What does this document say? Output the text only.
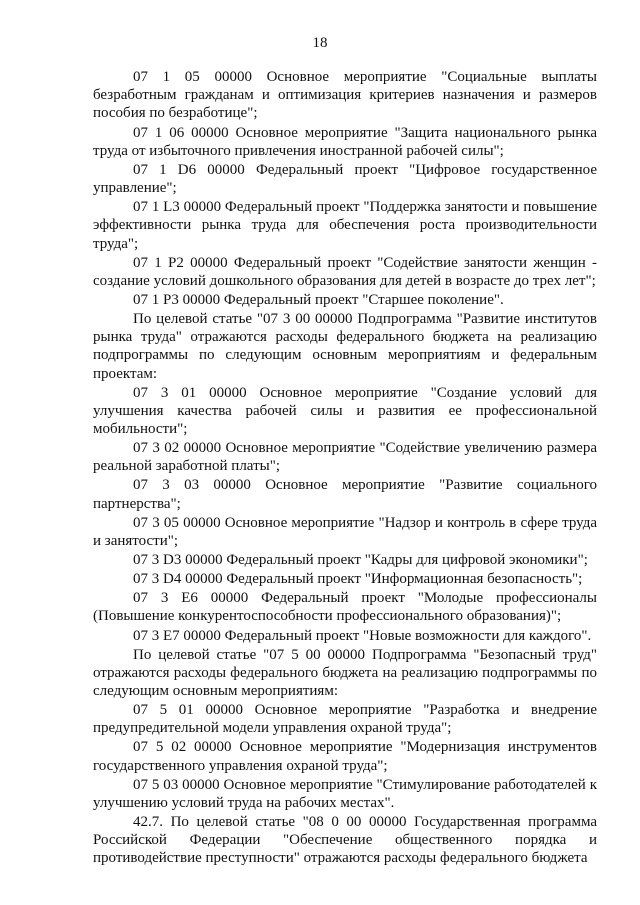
18

07 1 05 00000 Основное мероприятие "Социальные выплаты безработным гражданам и оптимизация критериев назначения и размеров пособия по безработице";

07 1 06 00000 Основное мероприятие "Защита национального рынка труда от избыточного привлечения иностранной рабочей силы";

07 1 D6 00000 Федеральный проект "Цифровое государственное управление";

07 1 L3 00000 Федеральный проект "Поддержка занятости и повышение эффективности рынка труда для обеспечения роста производительности труда";

07 1 P2 00000 Федеральный проект "Содействие занятости женщин - создание условий дошкольного образования для детей в возрасте до трех лет";

07 1 P3 00000 Федеральный проект "Старшее поколение".

По целевой статье "07 3 00 00000 Подпрограмма "Развитие институтов рынка труда" отражаются расходы федерального бюджета на реализацию подпрограммы по следующим основным мероприятиям и федеральным проектам:

07 3 01 00000 Основное мероприятие "Создание условий для улучшения качества рабочей силы и развития ее профессиональной мобильности";

07 3 02 00000 Основное мероприятие "Содействие увеличению размера реальной заработной платы";

07 3 03 00000 Основное мероприятие "Развитие социального партнерства";

07 3 05 00000 Основное мероприятие "Надзор и контроль в сфере труда и занятости";

07 3 D3 00000 Федеральный проект "Кадры для цифровой экономики";

07 3 D4 00000 Федеральный проект "Информационная безопасность";

07 3 E6 00000 Федеральный проект "Молодые профессионалы (Повышение конкурентоспособности профессионального образования)";

07 3 E7 00000 Федеральный проект "Новые возможности для каждого".

По целевой статье "07 5 00 00000 Подпрограмма "Безопасный труд" отражаются расходы федерального бюджета на реализацию подпрограммы по следующим основным мероприятиям:

07 5 01 00000 Основное мероприятие "Разработка и внедрение предупредительной модели управления охраной труда";

07 5 02 00000 Основное мероприятие "Модернизация инструментов государственного управления охраной труда";

07 5 03 00000 Основное мероприятие "Стимулирование работодателей к улучшению условий труда на рабочих местах".

42.7. По целевой статье "08 0 00 00000 Государственная программа Российской Федерации "Обеспечение общественного порядка и противодействие преступности" отражаются расходы федерального бюджета
